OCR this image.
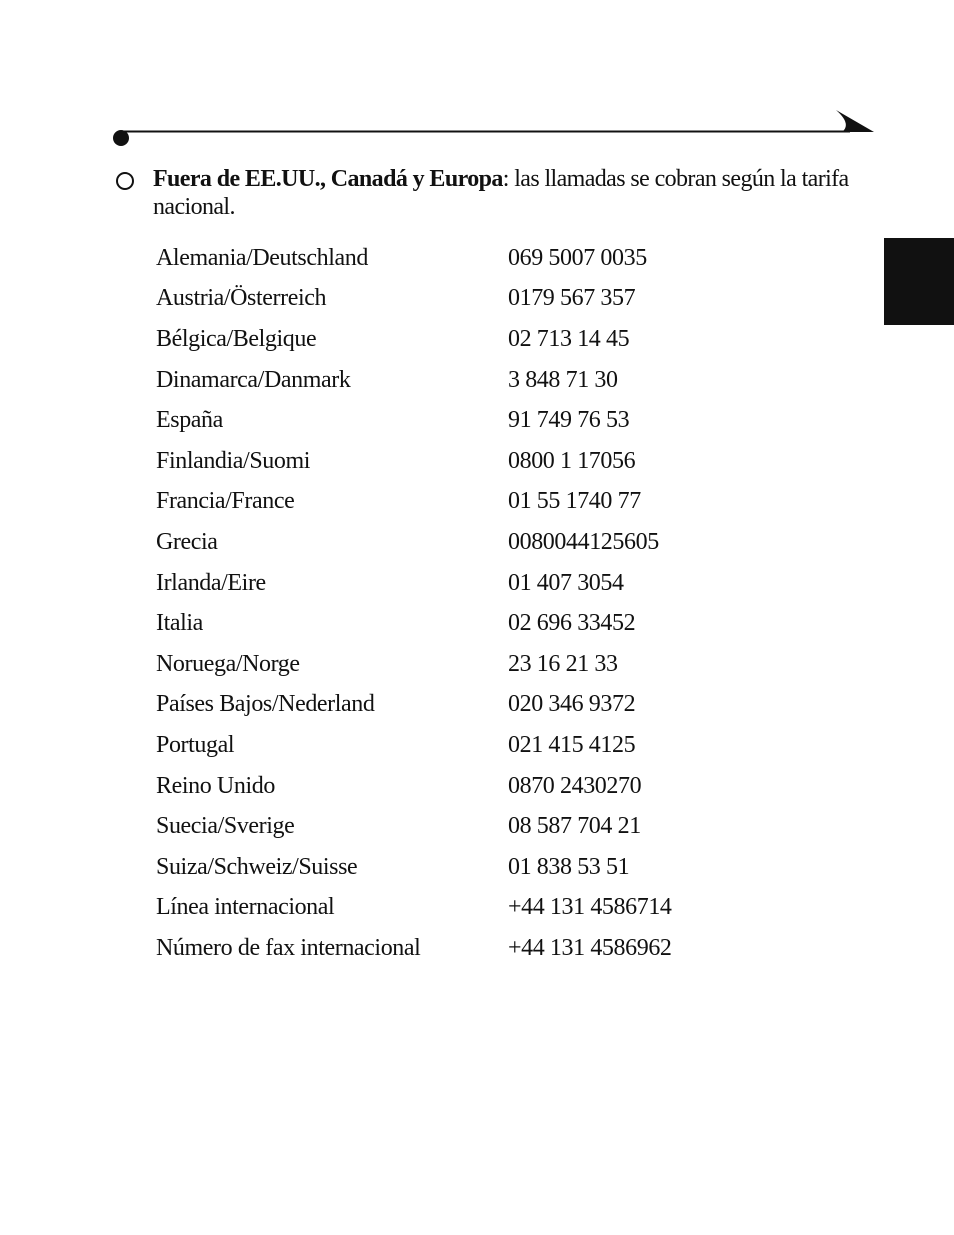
Fuera de EE.UU., Canadá y Europa: las llamadas se cobran según la tarifa nacional.
Alemania/Deutschland	069 5007 0035
Austria/Österreich	0179 567 357
Bélgica/Belgique	02 713 14 45
Dinamarca/Danmark	3 848 71 30
España	91 749 76 53
Finlandia/Suomi	0800 1 17056
Francia/France	01 55 1740 77
Grecia	0080044125605
Irlanda/Eire	01 407 3054
Italia	02 696 33452
Noruega/Norge	23 16 21 33
Países Bajos/Nederland	020 346 9372
Portugal	021 415 4125
Reino Unido	0870 2430270
Suecia/Sverige	08 587 704 21
Suiza/Schweiz/Suisse	01 838 53 51
Línea internacional	+44 131 4586714
Número de fax internacional	+44 131 4586962
